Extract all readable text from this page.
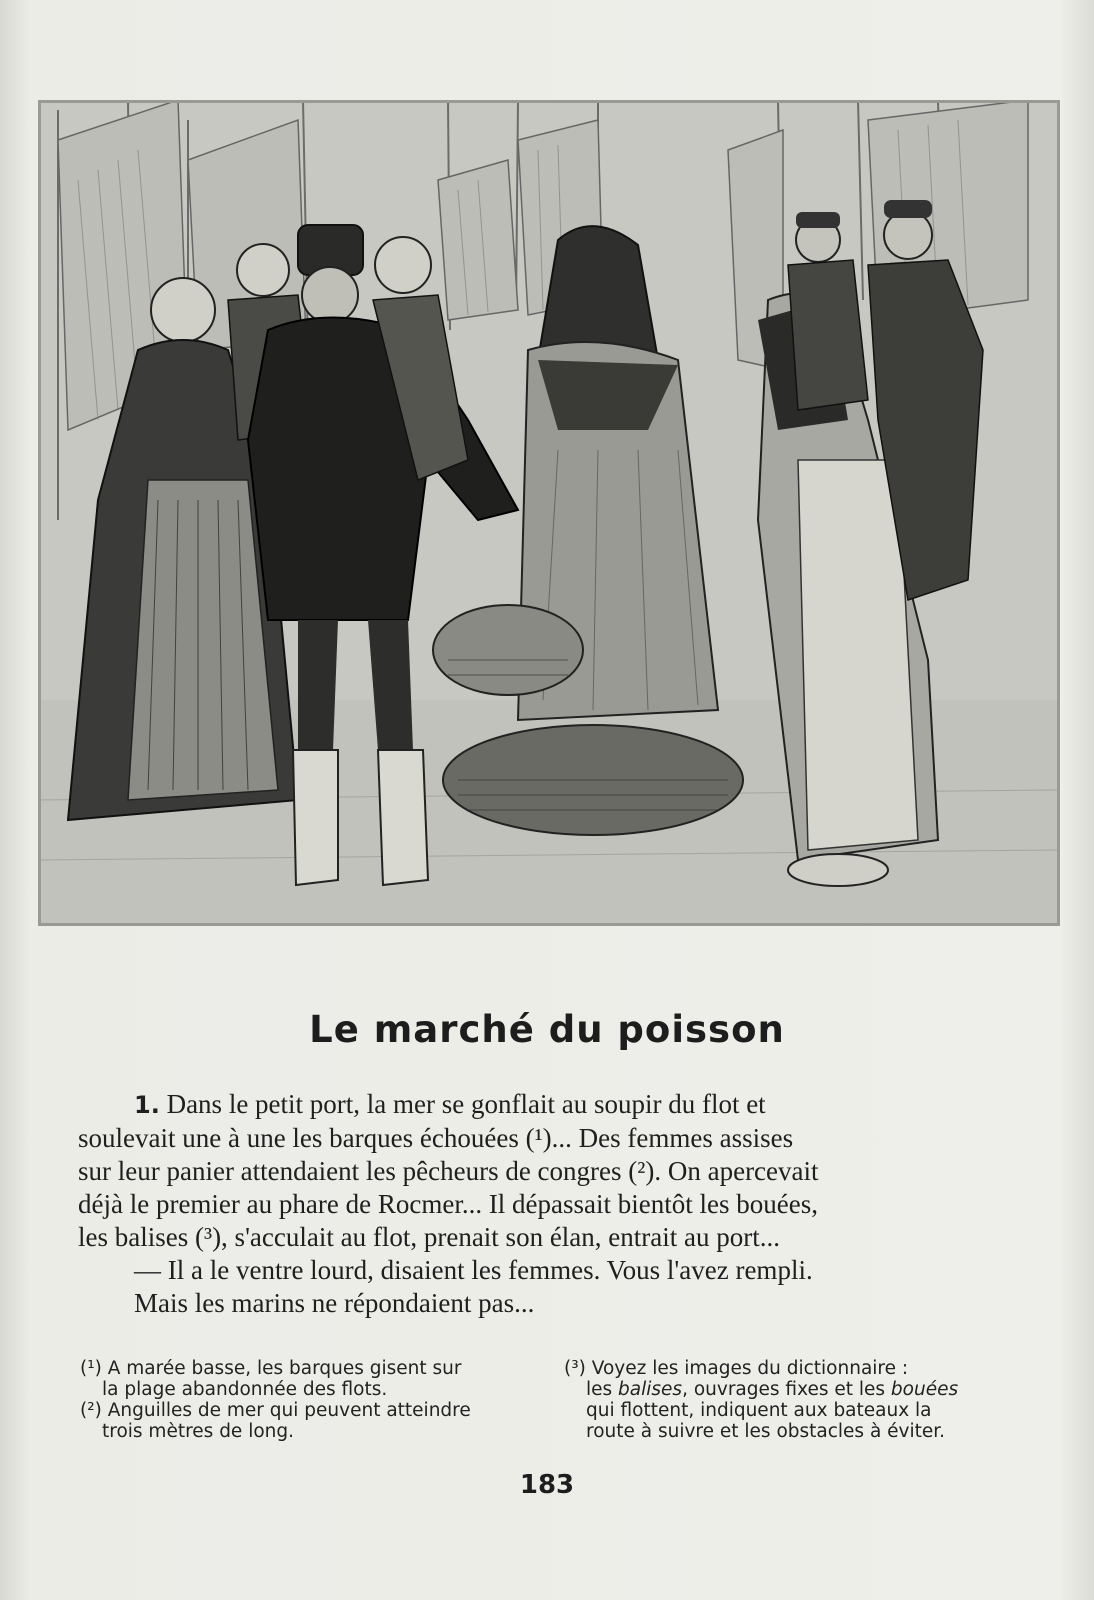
Le marché du poisson

1. Dans le petit port, la mer se gonflait au soupir du flot et
soulevait une à une les barques échouées (¹)... Des femmes assises
sur leur panier attendaient les pêcheurs de congres (²). On apercevait
déjà le premier au phare de Rocmer... Il dépassait bientôt les bouées,
les balises (³), s'acculait au flot, prenait son élan, entrait au port...
— Il a le ventre lourd, disaient les femmes. Vous l'avez rempli.
Mais les marins ne répondaient pas...

(¹) A marée basse, les barques gisent sur
la plage abandonnée des flots.
(²) Anguilles de mer qui peuvent atteindre
trois mètres de long.
(³) Voyez les images du dictionnaire :
les balises, ouvrages fixes et les bouées
qui flottent, indiquent aux bateaux la
route à suivre et les obstacles à éviter.
183
